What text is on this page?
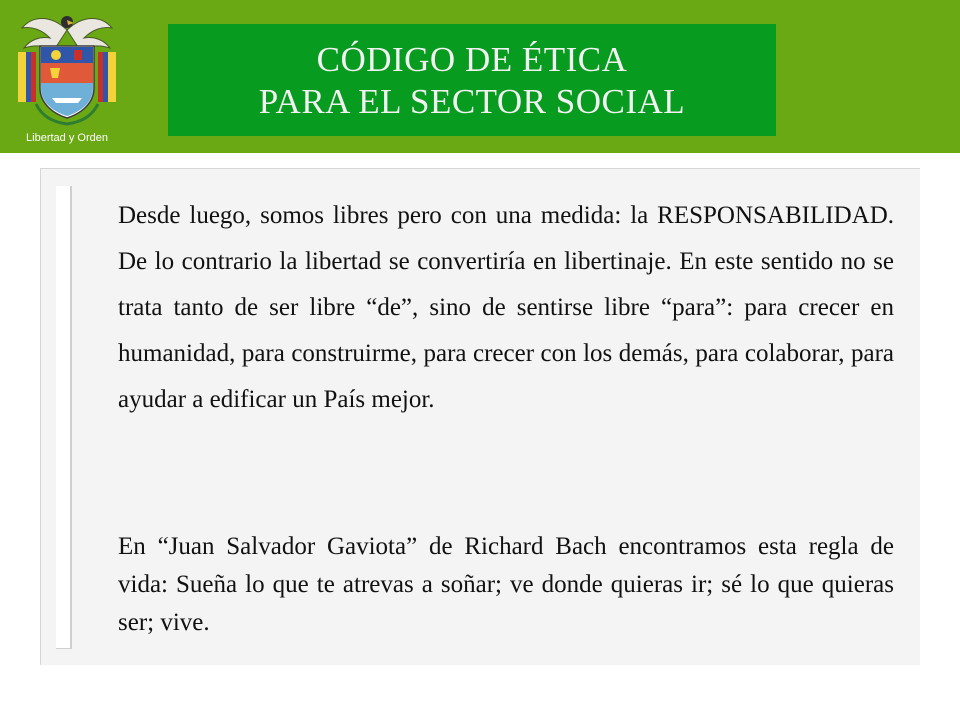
Libertad y Orden
CÓDIGO DE ÉTICA
PARA EL SECTOR SOCIAL

Desde luego, somos libres pero con una medida: la RESPONSABILIDAD. De lo contrario la libertad se convertiría en libertinaje. En este sentido no se trata tanto de ser libre “de”, sino de sentirse libre “para”: para crecer en humanidad, para construirme, para crecer con los demás, para colaborar, para ayudar a edificar un País mejor.

En “Juan Salvador Gaviota” de Richard Bach encontramos esta regla de vida: Sueña lo que te atrevas a soñar; ve donde quieras ir; sé lo que quieras ser; vive.
